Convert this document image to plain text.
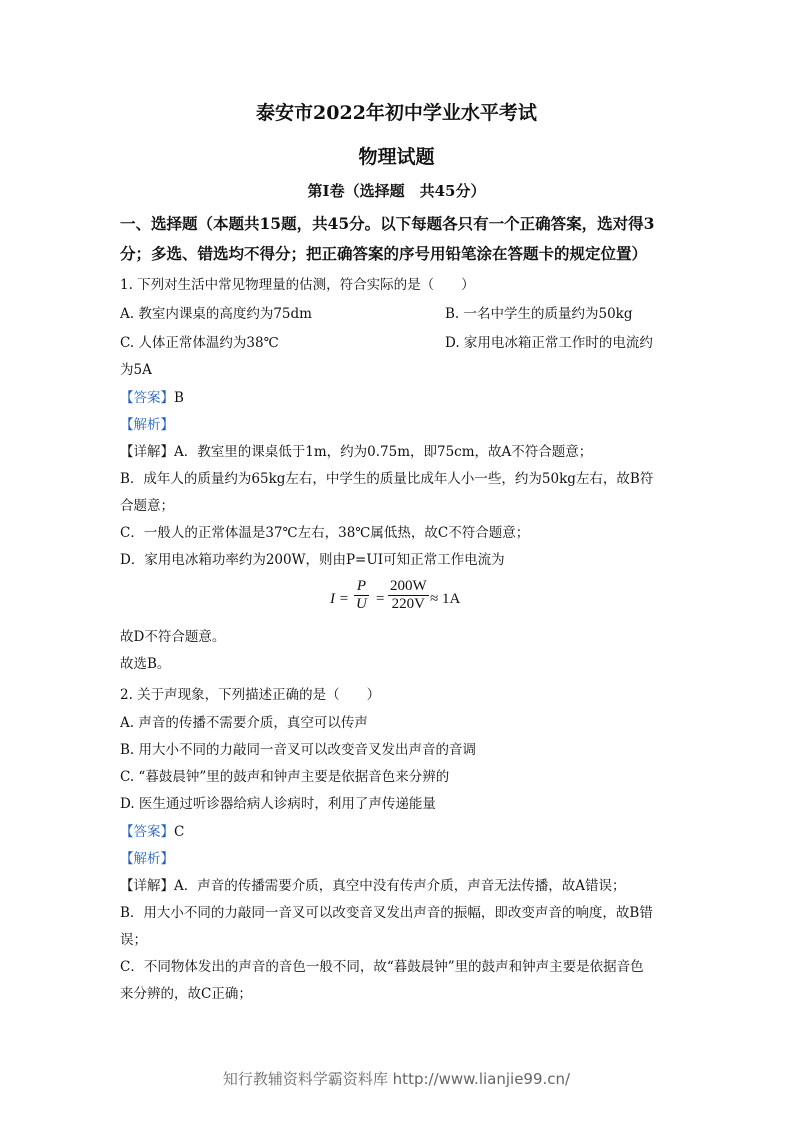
泰安市2022年初中学业水平考试
物理试题
第Ⅰ卷（选择题　共45分）
一、选择题（本题共15题，共45分。以下每题各只有一个正确答案，选对得3
分；多选、错选均不得分；把正确答案的序号用铅笔涂在答题卡的规定位置）
1. 下列对生活中常见物理量的估测，符合实际的是（　　）
A. 教室内课桌的高度约为75dm	B. 一名中学生的质量约为50kg
C. 人体正常体温约为38℃	D. 家用电冰箱正常工作时的电流约
为5A
【答案】B
【解析】
【详解】A．教室里的课桌低于1m，约为0.75m，即75cm，故A不符合题意；
B．成年人的质量约为65kg左右，中学生的质量比成年人小一些，约为50kg左右，故B符
合题意；
C．一般人的正常体温是37℃左右，38℃属低热，故C不符合题意；
D．家用电冰箱功率约为200W，则由P=UI可知正常工作电流为
$I = \frac{P}{U} = \frac{200W}{220V} \approx 1A$
故D不符合题意。
故选B。
2. 关于声现象，下列描述正确的是（　　）
A. 声音的传播不需要介质，真空可以传声
B. 用大小不同的力敲同一音叉可以改变音叉发出声音的音调
C. “暮鼓晨钟”里的鼓声和钟声主要是依据音色来分辨的
D. 医生通过听诊器给病人诊病时，利用了声传递能量
【答案】C
【解析】
【详解】A．声音的传播需要介质，真空中没有传声介质，声音无法传播，故A错误；
B．用大小不同的力敲同一音叉可以改变音叉发出声音的振幅，即改变声音的响度，故B错
误；
C．不同物体发出的声音的音色一般不同，故“暮鼓晨钟”里的鼓声和钟声主要是依据音色
来分辨的，故C正确；
知行教辅资料学霸资料库 http://www.lianjie99.cn/
